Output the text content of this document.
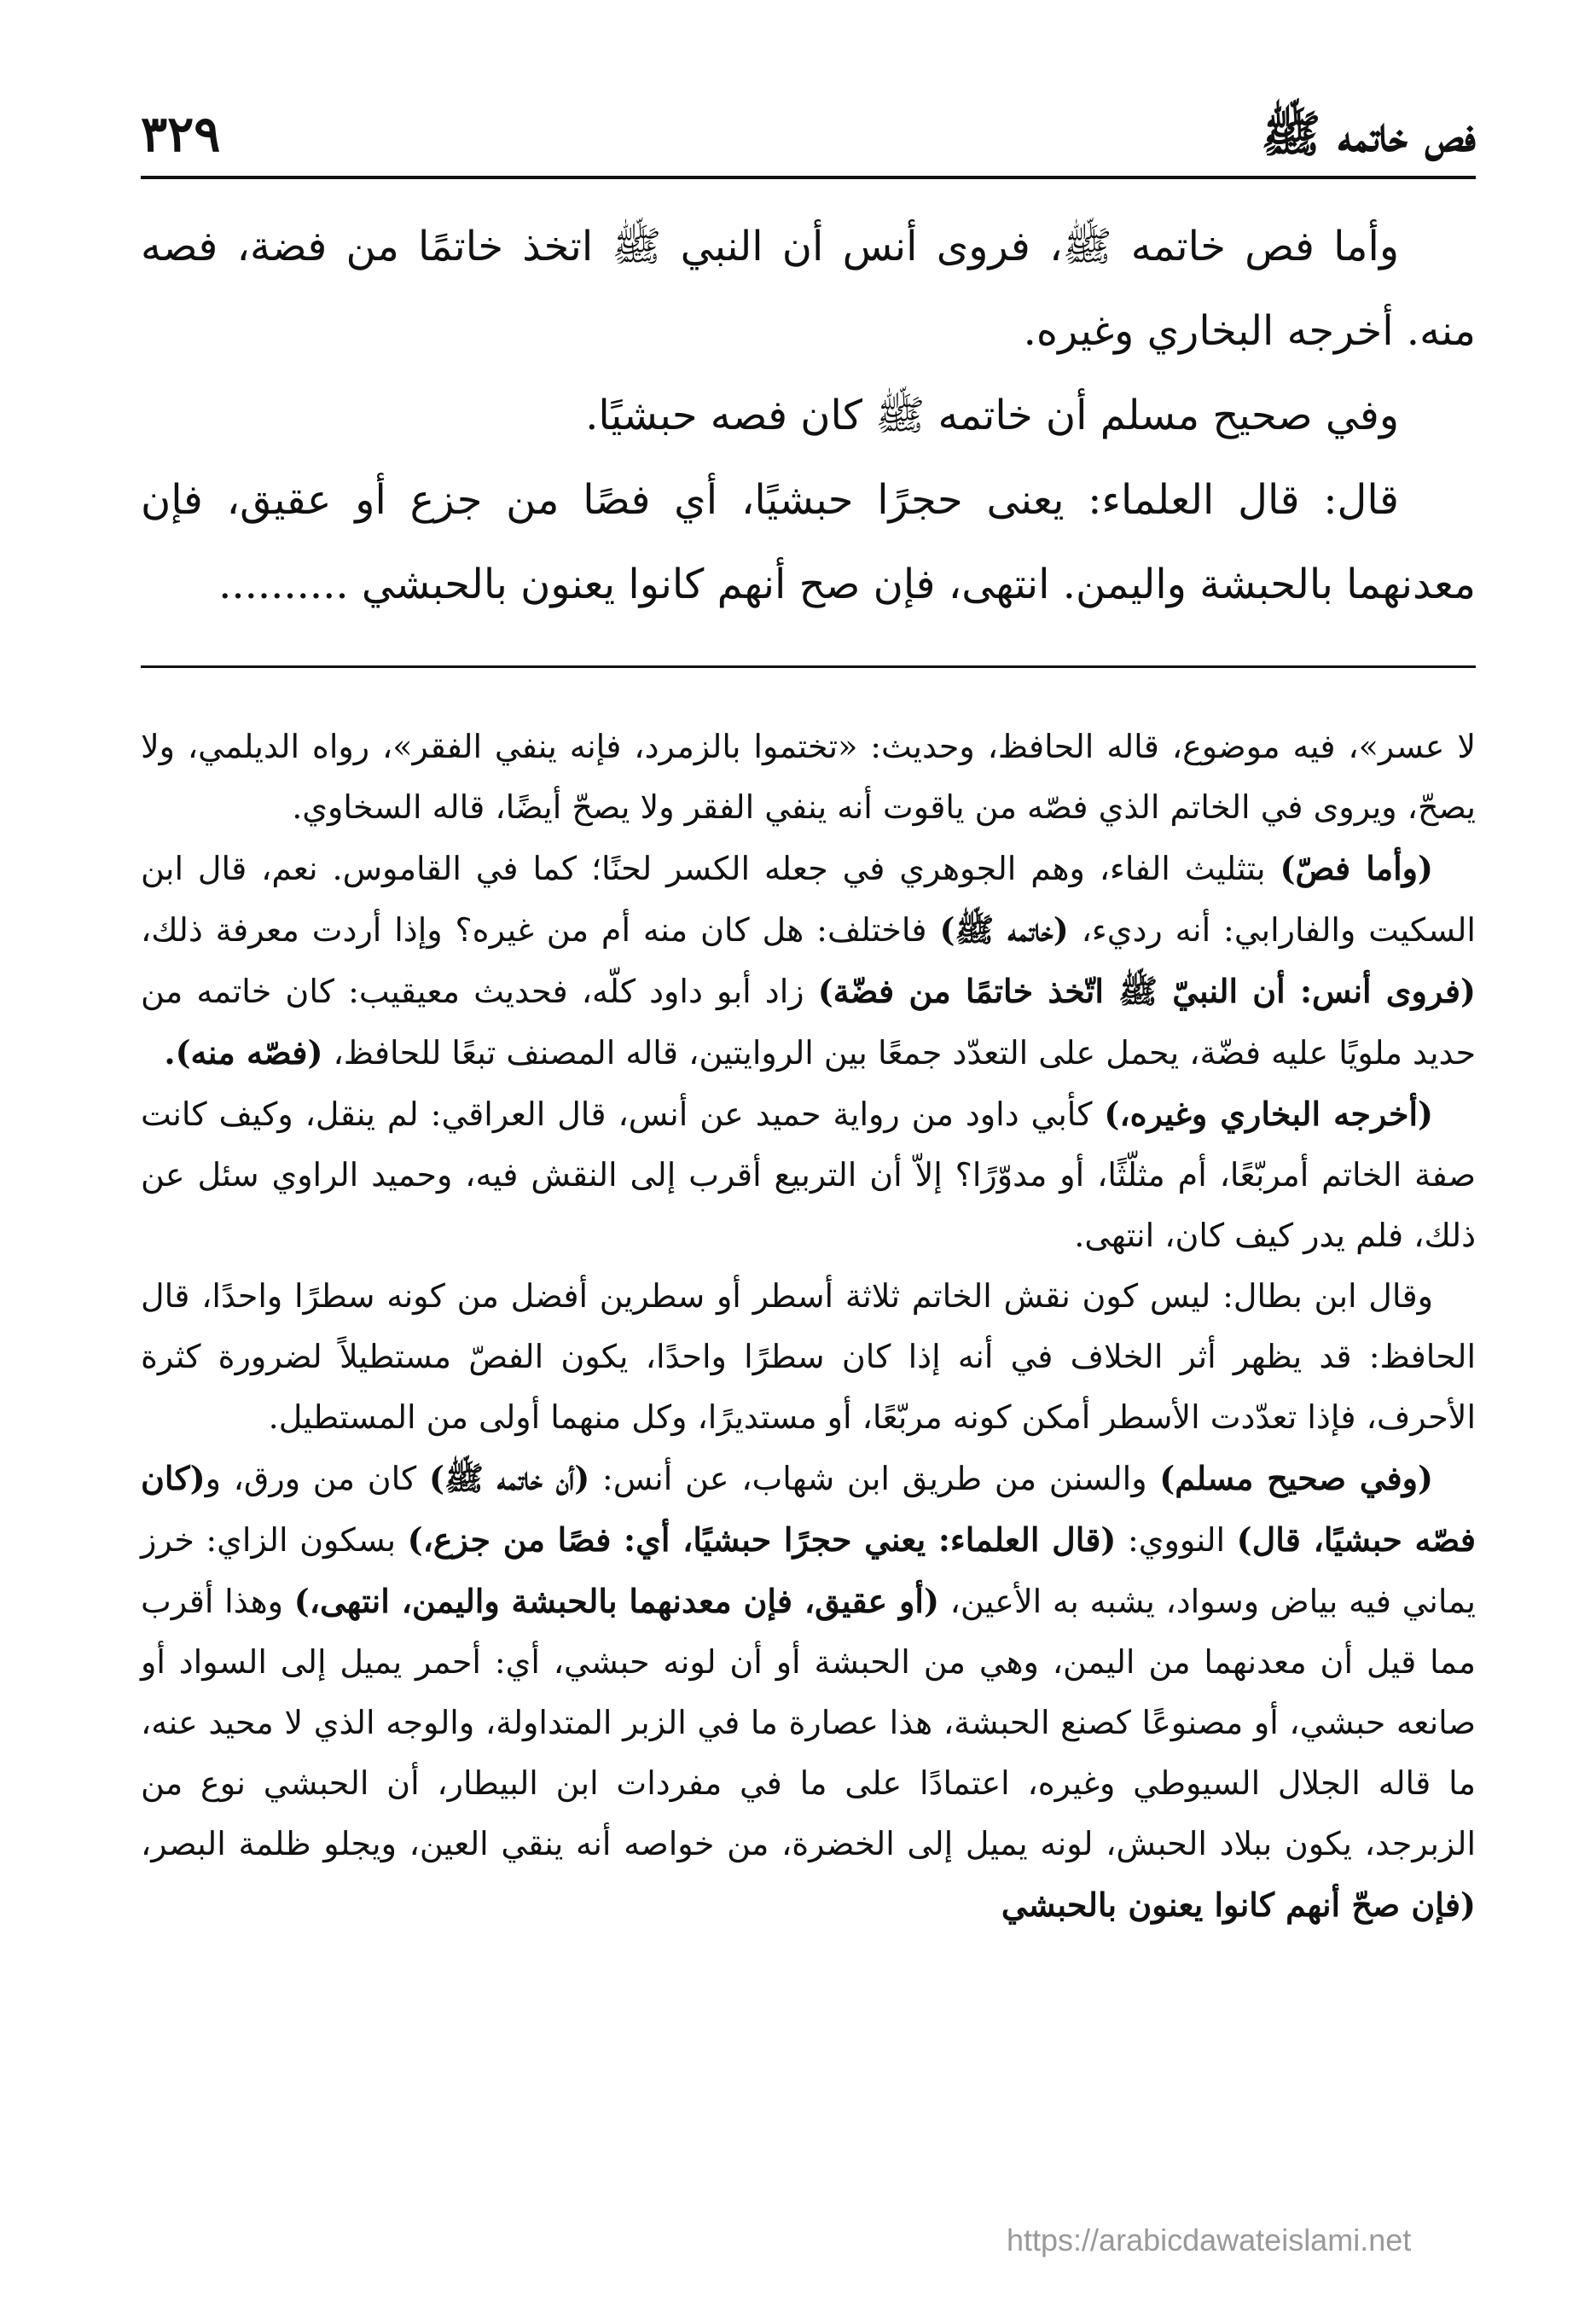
فص خاتمه ﷺ
٣٢٩

وأما فص خاتمه ﷺ، فروى أنس أن النبي ﷺ اتخذ خاتمًا من فضة، فصه منه. أخرجه البخاري وغيره.

وفي صحيح مسلم أن خاتمه ﷺ كان فصه حبشيًا.

قال: قال العلماء: يعنى حجرًا حبشيًا، أي فصًا من جزع أو عقيق، فإن معدنهما بالحبشة واليمن. انتهى، فإن صح أنهم كانوا يعنون بالحبشي ..........

لا عسر»، فيه موضوع، قاله الحافظ، وحديث: «تختموا بالزمرد، فإنه ينفي الفقر»، رواه الديلمي، ولا يصحّ، ويروى في الخاتم الذي فصّه من ياقوت أنه ينفي الفقر ولا يصحّ أيضًا، قاله السخاوي.

(وأما فصّ) بتثليث الفاء، وهم الجوهري في جعله الكسر لحنًا؛ كما في القاموس. نعم، قال ابن السكيت والفارابي: أنه رديء، (خاتمه ﷺ) فاختلف: هل كان منه أم من غيره؟ وإذا أردت معرفة ذلك، (فروى أنس: أن النبيّ ﷺ اتّخذ خاتمًا من فضّة) زاد أبو داود كلّه، فحديث معيقيب: كان خاتمه من حديد ملويًا عليه فضّة، يحمل على التعدّد جمعًا بين الروايتين، قاله المصنف تبعًا للحافظ، (فصّه منه).

(أخرجه البخاري وغيره،) كأبي داود من رواية حميد عن أنس، قال العراقي: لم ينقل، وكيف كانت صفة الخاتم أمربّعًا، أم مثلّثًا، أو مدوّرًا؟ إلاّ أن التربيع أقرب إلى النقش فيه، وحميد الراوي سئل عن ذلك، فلم يدر كيف كان، انتهى.

وقال ابن بطال: ليس كون نقش الخاتم ثلاثة أسطر أو سطرين أفضل من كونه سطرًا واحدًا، قال الحافظ: قد يظهر أثر الخلاف في أنه إذا كان سطرًا واحدًا، يكون الفصّ مستطيلاً لضرورة كثرة الأحرف، فإذا تعدّدت الأسطر أمكن كونه مربّعًا، أو مستديرًا، وكل منهما أولى من المستطيل.

(وفي صحيح مسلم) والسنن من طريق ابن شهاب، عن أنس: (أن خاتمه ﷺ) كان من ورق، و(كان فصّه حبشيًا، قال) النووي: (قال العلماء: يعني حجرًا حبشيًا، أي: فصًا من جزع،) بسكون الزاي: خرز يماني فيه بياض وسواد، يشبه به الأعين، (أو عقيق، فإن معدنهما بالحبشة واليمن، انتهى،) وهذا أقرب مما قيل أن معدنهما من اليمن، وهي من الحبشة أو أن لونه حبشي، أي: أحمر يميل إلى السواد أو صانعه حبشي، أو مصنوعًا كصنع الحبشة، هذا عصارة ما في الزبر المتداولة، والوجه الذي لا محيد عنه، ما قاله الجلال السيوطي وغيره، اعتمادًا على ما في مفردات ابن البيطار، أن الحبشي نوع من الزبرجد، يكون ببلاد الحبش، لونه يميل إلى الخضرة، من خواصه أنه ينقي العين، ويجلو ظلمة البصر، (فإن صحّ أنهم كانوا يعنون بالحبشي

https://arabicdawateislami.net
